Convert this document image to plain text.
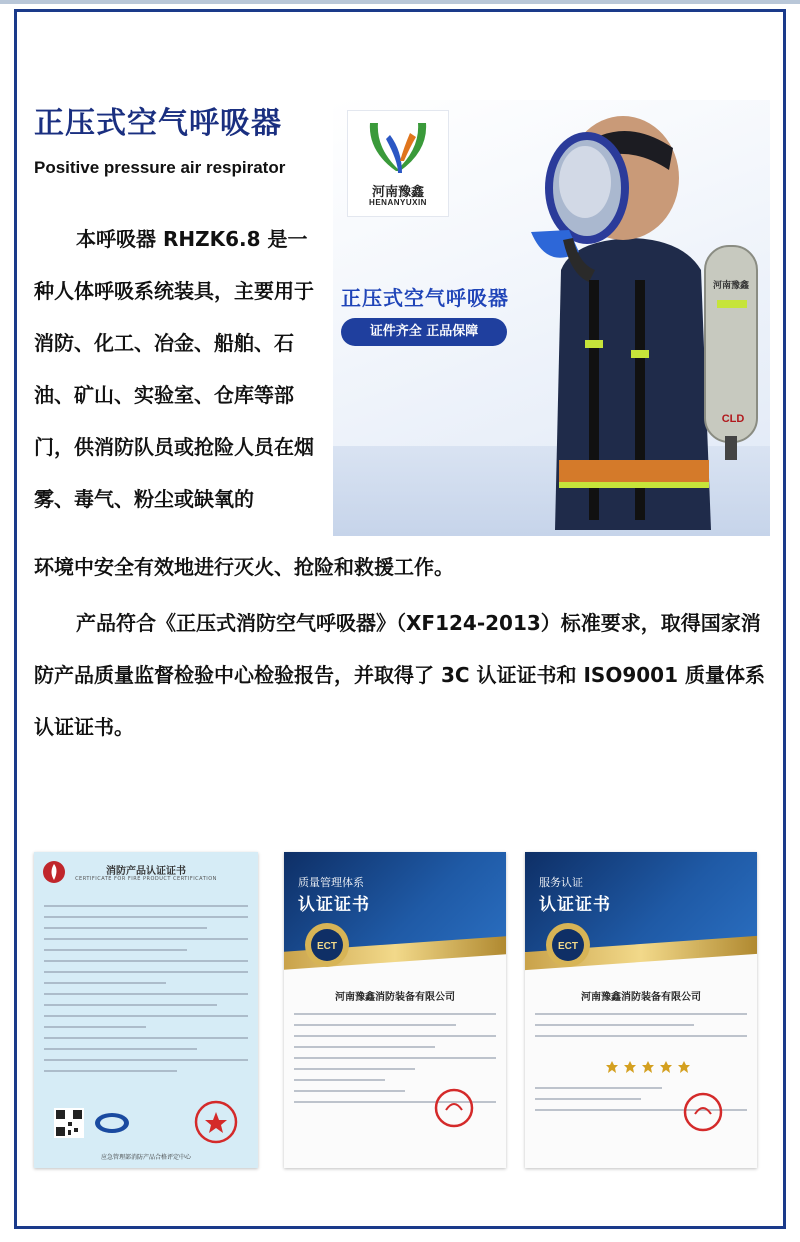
正压式空气呼吸器
Positive pressure air respirator
本呼吸器 RHZK6.8 是一种人体呼吸系统装具，主要用于消防、化工、冶金、船舶、石油、矿山、实验室、仓库等部门，供消防队员或抢险人员在烟雾、毒气、粉尘或缺氧的
环境中安全有效地进行灭火、抢险和救援工作。
产品符合《正压式消防空气呼吸器》（XF124-2013）标准要求，取得国家消防产品质量监督检验中心检验报告，并取得了 3C 认证证书和 ISO9001 质量体系认证证书。
河南豫鑫
HENANYUXIN
正压式空气呼吸器
证件齐全 正品保障
河南豫鑫
CLD
消防产品认证证书
CERTIFICATE FOR FIRE PRODUCT CERTIFICATION
应急管理部消防产品合格评定中心
质量管理体系
认证证书
ECT
河南豫鑫消防装备有限公司
服务认证
认证证书
ECT
河南豫鑫消防装备有限公司
